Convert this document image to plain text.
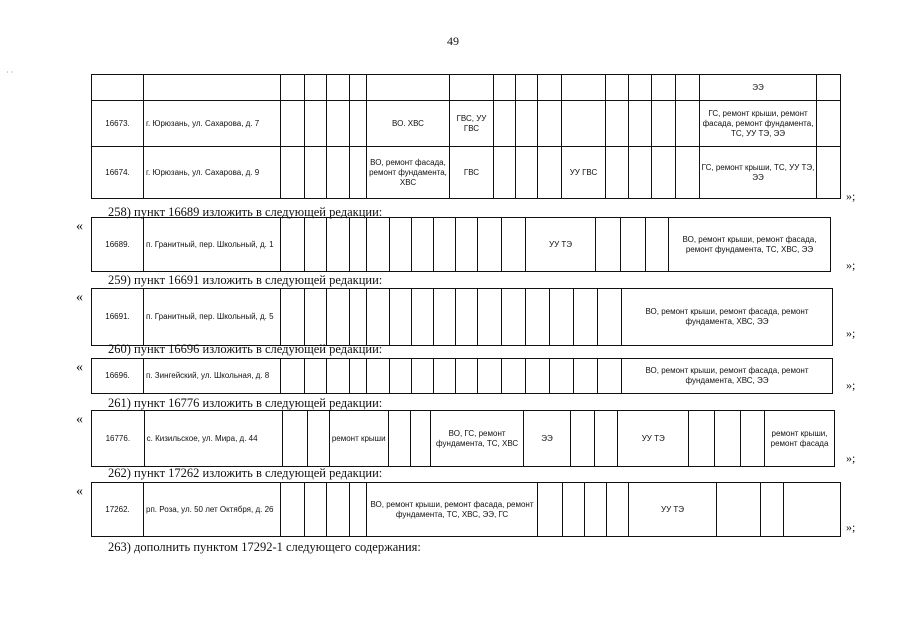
49
· ·
																ЭЭ	
16673.	г. Юрюзань, ул. Сахарова, д. 7					ВО. ХВС	ГВС, УУ ГВС									ГС, ремонт крыши, ремонт фасада, ремонт фундамента, ТС, УУ ТЭ, ЭЭ	
16674.	г. Юрюзань, ул. Сахарова, д. 9					ВО, ремонт фасада, ремонт фундамента, ХВС	ГВС				УУ ГВС					ГС, ремонт крыши, ТС, УУ ТЭ, ЭЭ	
»;
258) пункт 16689 изложить в следующей редакции:
«
16689.	п. Гранитный, пер. Школьный, д. 1												УУ ТЭ				ВО, ремонт крыши, ремонт фасада, ремонт фундамента, ТС, ХВС, ЭЭ
»;
259) пункт 16691 изложить в следующей редакции:
«
16691.	п. Гранитный, пер. Школьный, д. 5																ВО, ремонт крыши, ремонт фасада, ремонт фундамента, ХВС, ЭЭ
»;
260) пункт 16696 изложить в следующей редакции:
«
16696.	п. Зингейский, ул. Школьная, д. 8																ВО, ремонт крыши, ремонт фасада, ремонт фундамента, ХВС, ЭЭ	»;
261) пункт 16776 изложить в следующей редакции:
«
16776.	с. Кизильское, ул. Мира, д. 44			ремонт крыши			ВО, ГС, ремонт фундамента, ТС, ХВС	ЭЭ			УУ ТЭ				ремонт крыши, ремонт фасада
»;
262) пункт 17262 изложить в следующей редакции:
«
17262.	рп. Роза, ул. 50 лет Октября, д. 26					ВО, ремонт крыши, ремонт фасада, ремонт фундамента, ТС, ХВС, ЭЭ, ГС					УУ ТЭ			
»;
263) дополнить пунктом 17292-1 следующего содержания:
